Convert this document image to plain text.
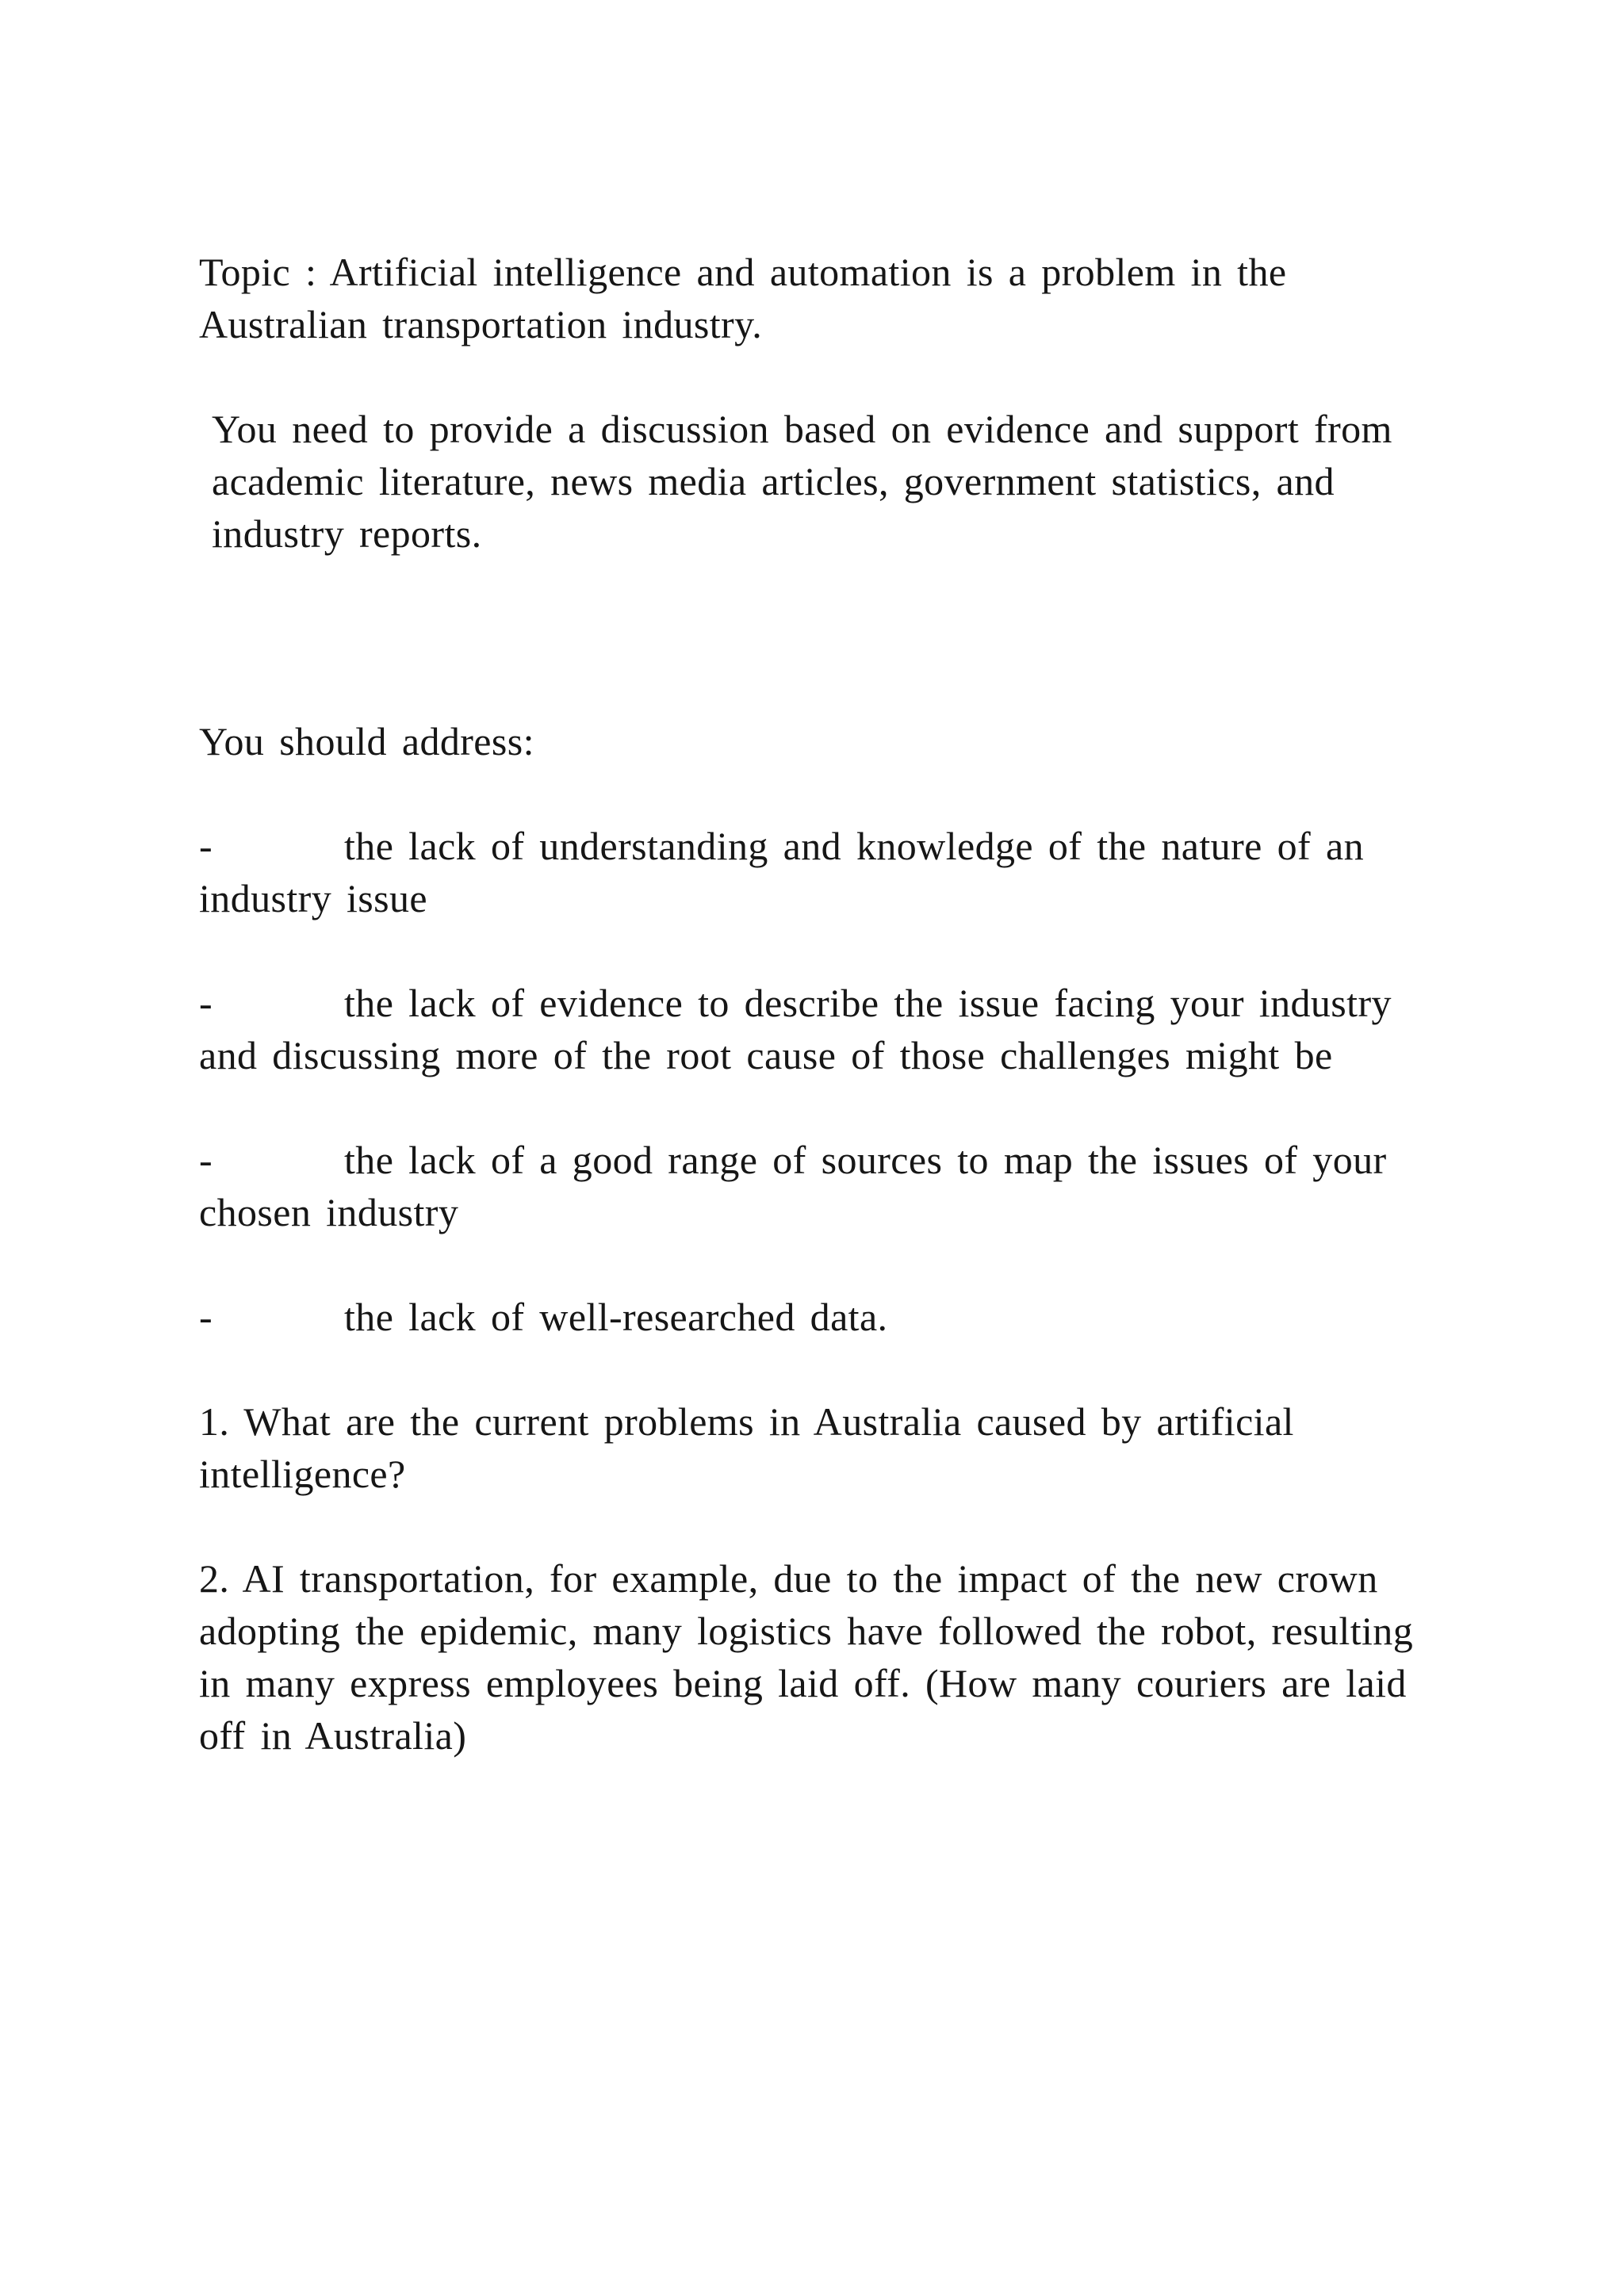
Topic : Artificial intelligence and automation is a problem in the Australian transportation industry.

You need to provide a discussion based on evidence and support from academic literature, news media articles, government statistics, and industry reports.

You should address:

-	the lack of understanding and knowledge of the nature of an industry issue

-	the lack of evidence to describe the issue facing your industry and discussing more of the root cause of those challenges might be

-	the lack of a good range of sources to map the issues of your chosen industry

-	the lack of well-researched data.

1. What are the current problems in Australia caused by artificial intelligence?

2. AI transportation, for example, due to the impact of the new crown adopting the epidemic, many logistics have followed the robot, resulting in many express employees being laid off. (How many couriers are laid off in Australia)
